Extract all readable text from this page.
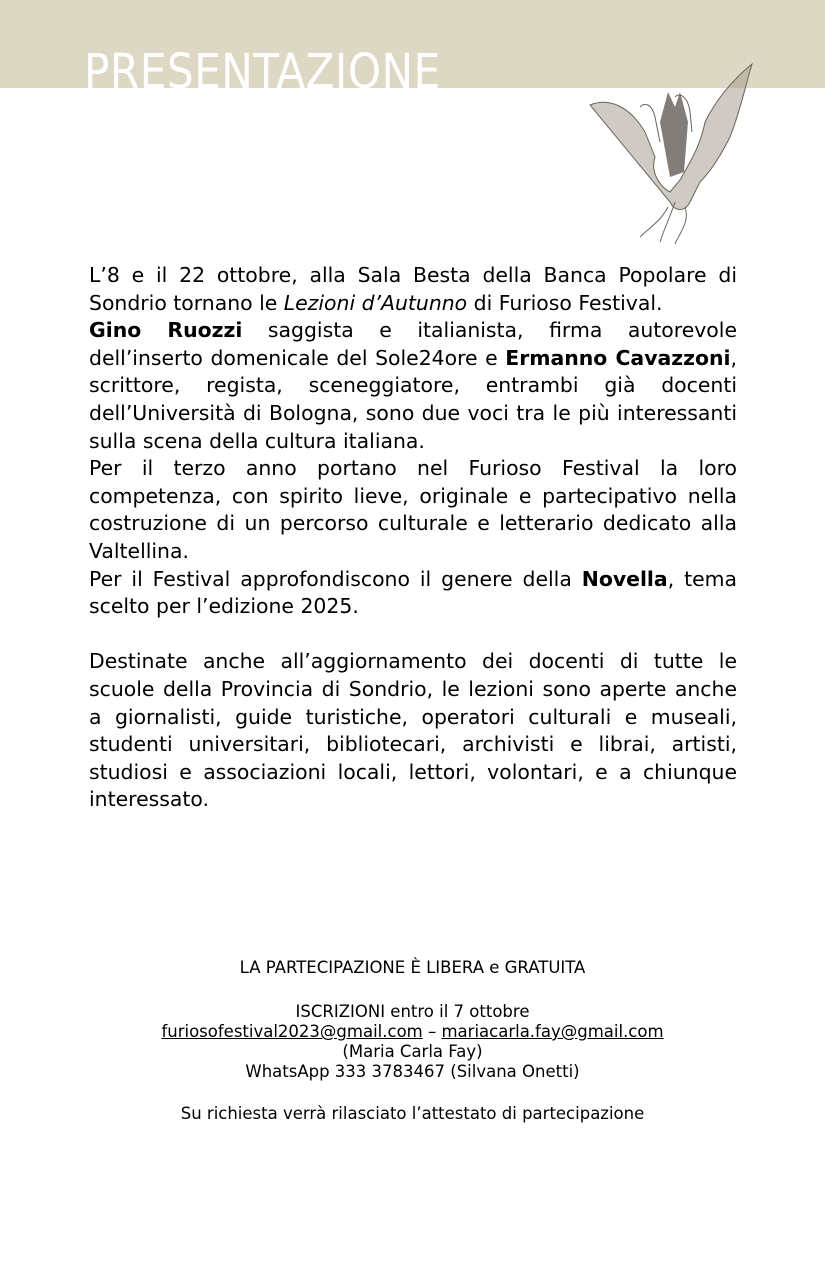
PRESENTAZIONE

L’8 e il 22 ottobre, alla Sala Besta della Banca Popolare di Sondrio tornano le Lezioni d’Autunno di Furioso Festival.

Gino Ruozzi saggista e italianista, firma autorevole dell’inserto domenicale del Sole24ore e Ermanno Cavazzoni, scrittore, regista, sceneggiatore, entrambi già docenti dell’Università di Bologna, sono due voci tra le più interessanti sulla scena della cultura italiana.

Per il terzo anno portano nel Furioso Festival la loro competenza, con spirito lieve, originale e partecipativo nella costruzione di un percorso culturale e letterario dedicato alla Valtellina.

Per il Festival approfondiscono il genere della Novella, tema scelto per l’edizione 2025.

Destinate anche all’aggiornamento dei docenti di tutte le scuole della Provincia di Sondrio, le lezioni sono aperte anche a giornalisti, guide turistiche, operatori culturali e museali, studenti universitari, bibliotecari, archivisti e librai, artisti, studiosi e associazioni locali, lettori, volontari, e a chiunque interessato.

LA PARTECIPAZIONE È LIBERA e GRATUITA
ISCRIZIONI entro il 7 ottobre
furiosofestival2023@gmail.com – mariacarla.fay@gmail.com
(Maria Carla Fay)
WhatsApp 333 3783467 (Silvana Onetti)
Su richiesta verrà rilasciato l’attestato di partecipazione
